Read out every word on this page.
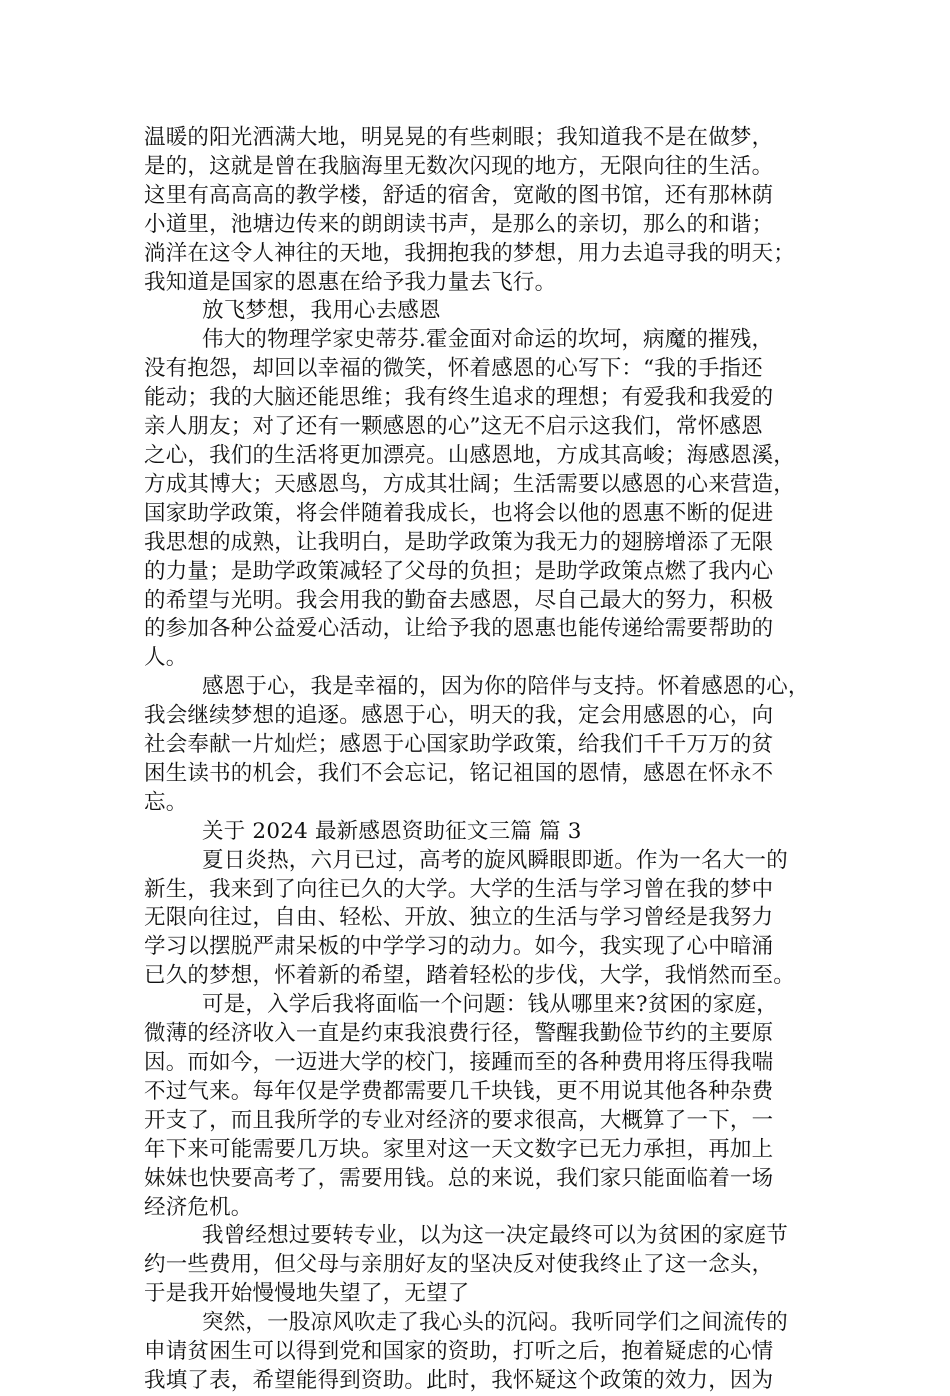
温暖的阳光洒满大地，明晃晃的有些刺眼；我知道我不是在做梦，
是的，这就是曾在我脑海里无数次闪现的地方，无限向往的生活。
这里有高高高的教学楼，舒适的宿舍，宽敞的图书馆，还有那林荫
小道里，池塘边传来的朗朗读书声，是那么的亲切，那么的和谐；
淌洋在这令人神往的天地，我拥抱我的梦想，用力去追寻我的明天；
我知道是国家的恩惠在给予我力量去飞行。
放飞梦想，我用心去感恩
伟大的物理学家史蒂芬.霍金面对命运的坎坷，病魔的摧残，
没有抱怨，却回以幸福的微笑，怀着感恩的心写下：“我的手指还
能动；我的大脑还能思维；我有终生追求的理想；有爱我和我爱的
亲人朋友；对了还有一颗感恩的心”这无不启示这我们，常怀感恩
之心，我们的生活将更加漂亮。山感恩地，方成其高峻；海感恩溪，
方成其博大；天感恩鸟，方成其壮阔；生活需要以感恩的心来营造，
国家助学政策，将会伴随着我成长，也将会以他的恩惠不断的促进
我思想的成熟，让我明白，是助学政策为我无力的翅膀增添了无限
的力量；是助学政策减轻了父母的负担；是助学政策点燃了我内心
的希望与光明。我会用我的勤奋去感恩，尽自己最大的努力，积极
的参加各种公益爱心活动，让给予我的恩惠也能传递给需要帮助的
人。
感恩于心，我是幸福的，因为你的陪伴与支持。怀着感恩的心，
我会继续梦想的追逐。感恩于心，明天的我，定会用感恩的心，向
社会奉献一片灿烂；感恩于心国家助学政策，给我们千千万万的贫
困生读书的机会，我们不会忘记，铭记祖国的恩情，感恩在怀永不
忘。
关于 2024 最新感恩资助征文三篇 篇 3
夏日炎热，六月已过，高考的旋风瞬眼即逝。作为一名大一的
新生，我来到了向往已久的大学。大学的生活与学习曾在我的梦中
无限向往过，自由、轻松、开放、独立的生活与学习曾经是我努力
学习以摆脱严肃呆板的中学学习的动力。如今，我实现了心中暗涌
已久的梦想，怀着新的希望，踏着轻松的步伐，大学，我悄然而至。
可是，入学后我将面临一个问题：钱从哪里来?贫困的家庭，
微薄的经济收入一直是约束我浪费行径，警醒我勤俭节约的主要原
因。而如今，一迈进大学的校门，接踵而至的各种费用将压得我喘
不过气来。每年仅是学费都需要几千块钱，更不用说其他各种杂费
开支了，而且我所学的专业对经济的要求很高，大概算了一下，一
年下来可能需要几万块。家里对这一天文数字已无力承担，再加上
妹妹也快要高考了，需要用钱。总的来说，我们家只能面临着一场
经济危机。
我曾经想过要转专业，以为这一决定最终可以为贫困的家庭节
约一些费用，但父母与亲朋好友的坚决反对使我终止了这一念头，
于是我开始慢慢地失望了，无望了
突然，一股凉风吹走了我心头的沉闷。我听同学们之间流传的
申请贫困生可以得到党和国家的资助，打听之后，抱着疑虑的心情
我填了表，希望能得到资助。此时，我怀疑这个政策的效力，因为
